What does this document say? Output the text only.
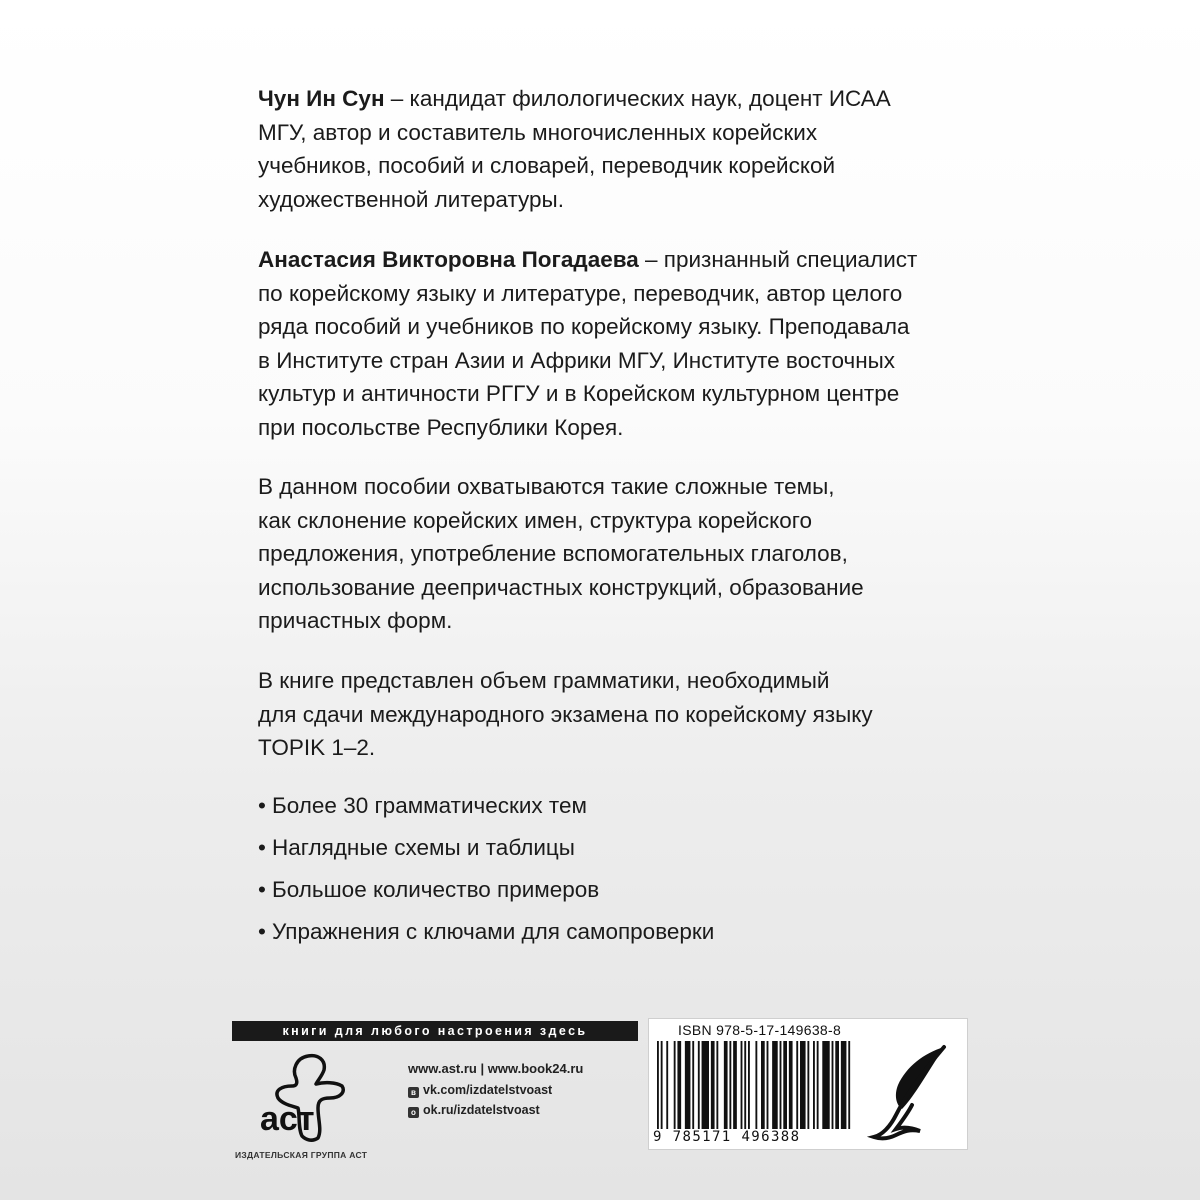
Чун Ин Сун – кандидат филологических наук, доцент ИСАА
МГУ, автор и составитель многочисленных корейских
учебников, пособий и словарей, переводчик корейской
художественной литературы.

Анастасия Викторовна Погадаева – признанный специалист
по корейскому языку и литературе, переводчик, автор целого
ряда пособий и учебников по корейскому языку. Преподавала
в Институте стран Азии и Африки МГУ, Институте восточных
культур и античности РГГУ и в Корейском культурном центре
при посольстве Республики Корея.

В данном пособии охватываются такие сложные темы,
как склонение корейских имен, структура корейского
предложения, употребление вспомогательных глаголов,
использование деепричастных конструкций, образование
причастных форм.

В книге представлен объем грамматики, необходимый
для сдачи международного экзамена по корейскому языку
TOPIK 1–2.

• Более 30 грамматических тем
• Наглядные схемы и таблицы
• Большое количество примеров
• Упражнения с ключами для самопроверки
книги для любого настроения здесь
аст
ИЗДАТЕЛЬСКАЯ ГРУППА АСТ
www.ast.ru | www.book24.ru
в vk.com/izdatelstvoast
о ok.ru/izdatelstvoast
ISBN 978-5-17-149638-8
9 785171 496388
